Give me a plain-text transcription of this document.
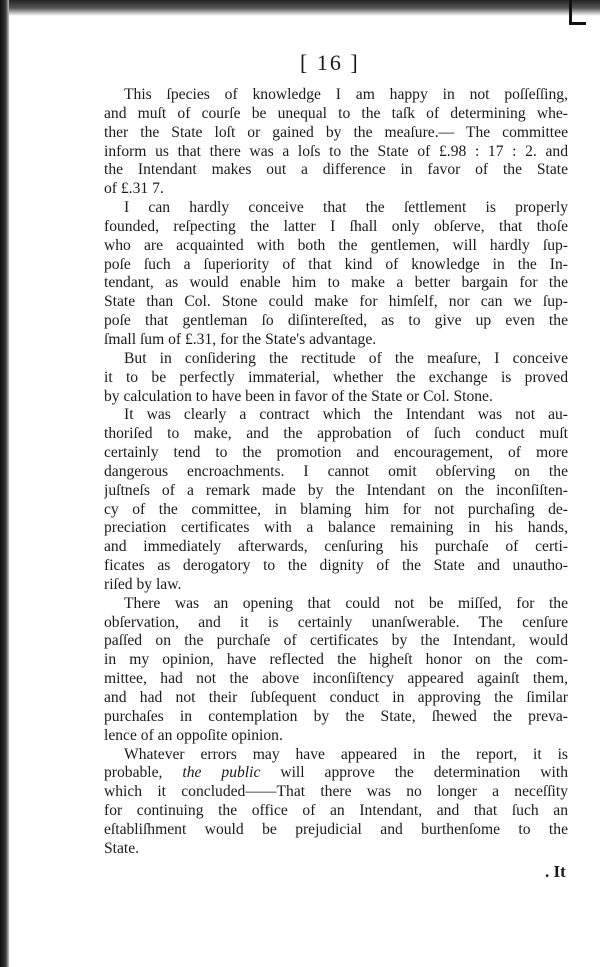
[ 16 ]
This ſpecies of knowledge I am happy in not poſſeſſing,
and muſt of courſe be unequal to the taſk of determining whe-
ther the State loſt or gained by the meaſure.— The committee
inform us that there was a loſs to the State of £.98 : 17 : 2. and
the Intendant makes out a difference in favor of the State
of £.31 7.
I can hardly conceive that the ſettlement is properly
founded, reſpecting the latter I ſhall only obſerve, that thoſe
who are acquainted with both the gentlemen, will hardly ſup-
poſe ſuch a ſuperiority of that kind of knowledge in the In-
tendant, as would enable him to make a better bargain for the
State than Col. Stone could make for himſelf, nor can we ſup-
poſe that gentleman ſo diſintereſted, as to give up even the
ſmall ſum of £.31, for the State's advantage.
But in conſidering the rectitude of the meaſure, I conceive
it to be perfectly immaterial, whether the exchange is proved
by calculation to have been in favor of the State or Col. Stone.
It was clearly a contract which the Intendant was not au-
thoriſed to make, and the approbation of ſuch conduct muſt
certainly tend to the promotion and encouragement, of more
dangerous encroachments. I cannot omit obſerving on the
juſtneſs of a remark made by the Intendant on the inconſiſten-
cy of the committee, in blaming him for not purchaſing de-
preciation certificates with a balance remaining in his hands,
and immediately afterwards, cenſuring his purchaſe of certi-
ficates as derogatory to the dignity of the State and unautho-
riſed by law.
There was an opening that could not be miſſed, for the
obſervation, and it is certainly unanſwerable. The cenſure
paſſed on the purchaſe of certificates by the Intendant, would
in my opinion, have reflected the higheſt honor on the com-
mittee, had not the above inconſiſtency appeared againſt them,
and had not their ſubſequent conduct in approving the ſimilar
purchaſes in contemplation by the State, ſhewed the preva-
lence of an oppoſite opinion.
Whatever errors may have appeared in the report, it is
probable, the public will approve the determination with
which it concluded——That there was no longer a neceſſity
for continuing the office of an Intendant, and that ſuch an
eſtabliſhment would be prejudicial and burthenſome to the
State.
. It
